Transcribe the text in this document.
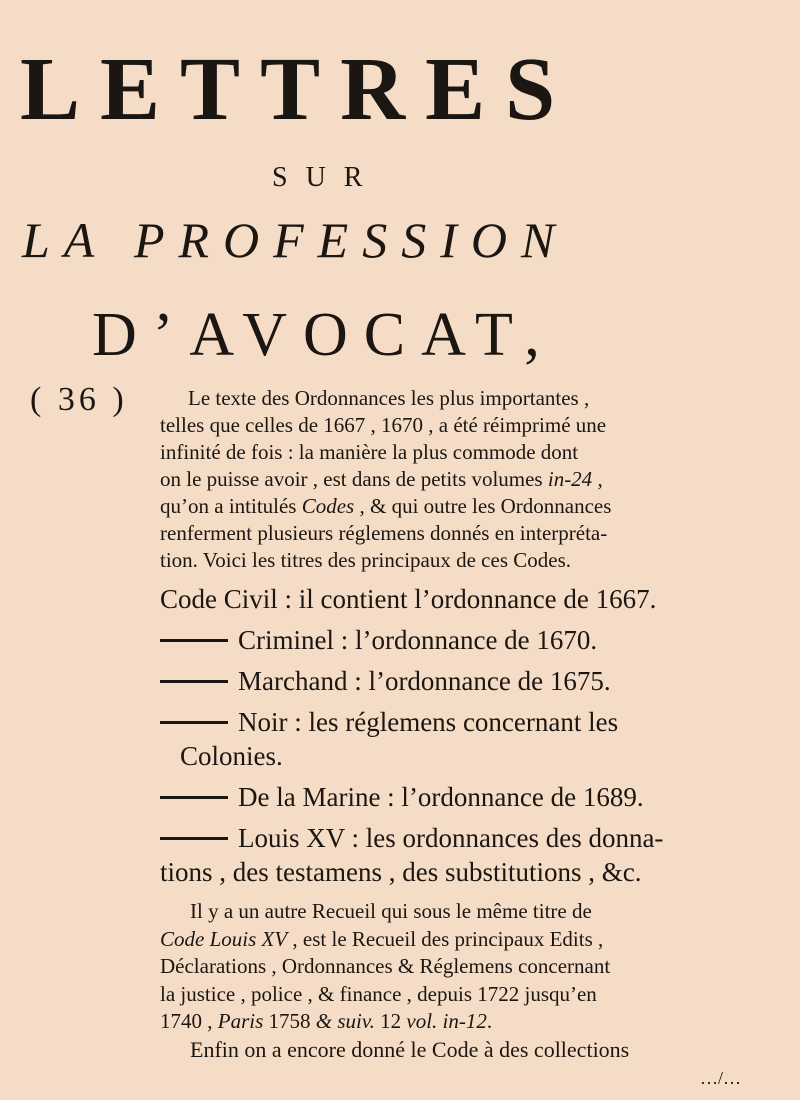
LETTRES
SUR
LA PROFESSION
D’AVOCAT,
( 36 )	Le texte des Ordonnances les plus importantes ,

telles que celles de 1667 , 1670 , a été réimprimé une

infinité de fois : la manière la plus commode dont

on le puisse avoir , est dans de petits volumes in-24 ,

qu’on a intitulés Codes , & qui outre les Ordonnances

renferment plusieurs réglemens donnés en interpréta-

tion. Voici les titres des principaux de ces Codes.

Code Civil : il contient l’ordonnance de 1667.
Criminel : l’ordonnance de 1670.
Marchand : l’ordonnance de 1675.
Noir : les réglemens concernant les
Colonies.
De la Marine : l’ordonnance de 1689.
Louis XV : les ordonnances des donna-
tions , des testamens , des substitutions , &c.

Il y a un autre Recueil qui sous le même titre de

Code Louis XV , est le Recueil des principaux Edits ,

Déclarations , Ordonnances & Réglemens concernant

la justice , police , & finance , depuis 1722 jusqu’en

1740 , Paris 1758 & suiv. 12 vol. in-12.

Enfin on a encore donné le Code à des collections

…/…
